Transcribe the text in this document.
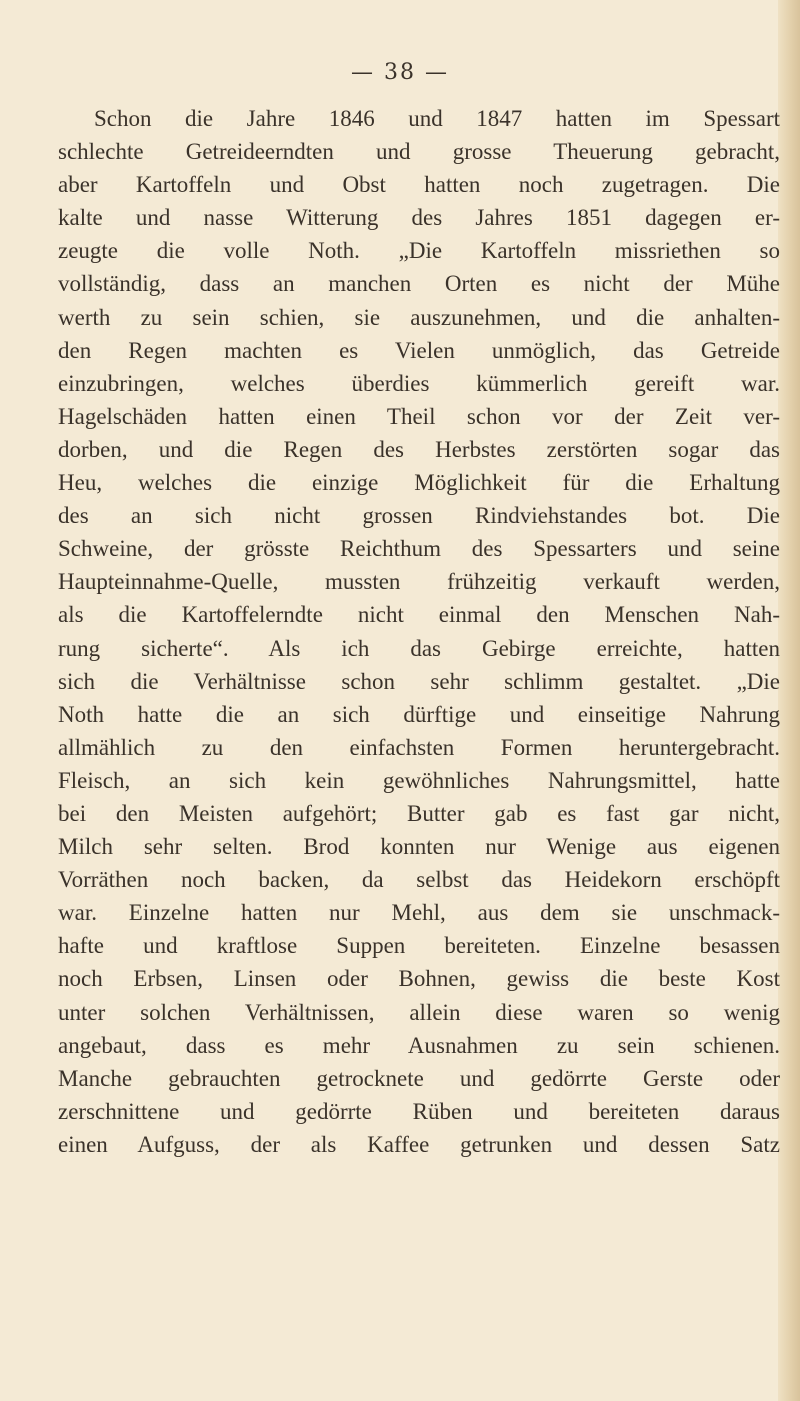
— 38 —
Schon die Jahre 1846 und 1847 hatten im Spessart
schlechte Getreideerndten und grosse Theuerung gebracht,
aber Kartoffeln und Obst hatten noch zugetragen. Die
kalte und nasse Witterung des Jahres 1851 dagegen er-
zeugte die volle Noth. „Die Kartoffeln missriethen so
vollständig, dass an manchen Orten es nicht der Mühe
werth zu sein schien, sie auszunehmen, und die anhalten-
den Regen machten es Vielen unmöglich, das Getreide
einzubringen, welches überdies kümmerlich gereift war.
Hagelschäden hatten einen Theil schon vor der Zeit ver-
dorben, und die Regen des Herbstes zerstörten sogar das
Heu, welches die einzige Möglichkeit für die Erhaltung
des an sich nicht grossen Rindviehstandes bot. Die
Schweine, der grösste Reichthum des Spessarters und seine
Haupteinnahme-Quelle, mussten frühzeitig verkauft werden,
als die Kartoffelerndte nicht einmal den Menschen Nah-
rung sicherte“. Als ich das Gebirge erreichte, hatten
sich die Verhältnisse schon sehr schlimm gestaltet. „Die
Noth hatte die an sich dürftige und einseitige Nahrung
allmählich zu den einfachsten Formen heruntergebracht.
Fleisch, an sich kein gewöhnliches Nahrungsmittel, hatte
bei den Meisten aufgehört; Butter gab es fast gar nicht,
Milch sehr selten. Brod konnten nur Wenige aus eigenen
Vorräthen noch backen, da selbst das Heidekorn erschöpft
war. Einzelne hatten nur Mehl, aus dem sie unschmack-
hafte und kraftlose Suppen bereiteten. Einzelne besassen
noch Erbsen, Linsen oder Bohnen, gewiss die beste Kost
unter solchen Verhältnissen, allein diese waren so wenig
angebaut, dass es mehr Ausnahmen zu sein schienen.
Manche gebrauchten getrocknete und gedörrte Gerste oder
zerschnittene und gedörrte Rüben und bereiteten daraus
einen Aufguss, der als Kaffee getrunken und dessen Satz
